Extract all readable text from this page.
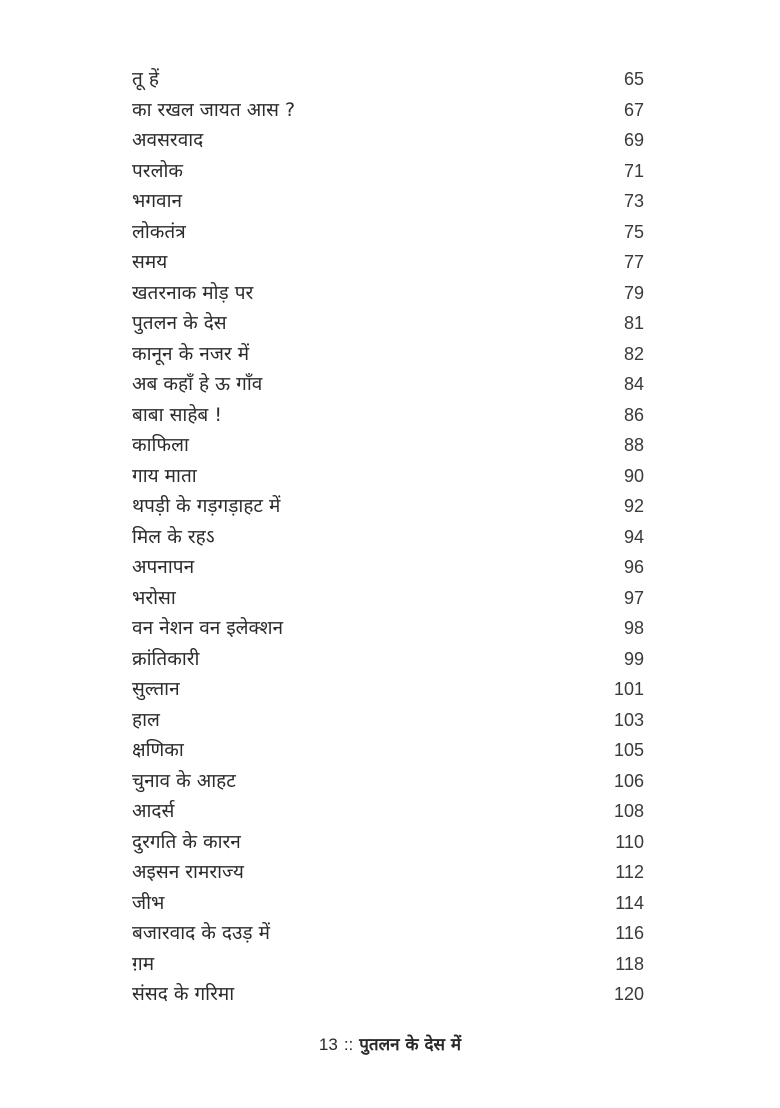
तू हें	65
का रखल जायत आस ?	67
अवसरवाद	69
परलोक	71
भगवान	73
लोकतंत्र	75
समय	77
खतरनाक मोड़ पर	79
पुतलन के देस	81
कानून के नजर में	82
अब कहाँ हे ऊ गाँव	84
बाबा साहेब !	86
काफिला	88
गाय माता	90
थपड़ी के गड़गड़ाहट में	92
मिल के रहऽ	94
अपनापन	96
भरोसा	97
वन नेशन वन इलेक्शन	98
क्रांतिकारी	99
सुल्तान	101
हाल	103
क्षणिका	105
चुनाव के आहट	106
आदर्स	108
दुरगति के कारन	110
अइसन रामराज्य	112
जीभ	114
बजारवाद के दउड़ में	116
ग़म	118
संसद के गरिमा	120
13 :: पुतलन के देस में
